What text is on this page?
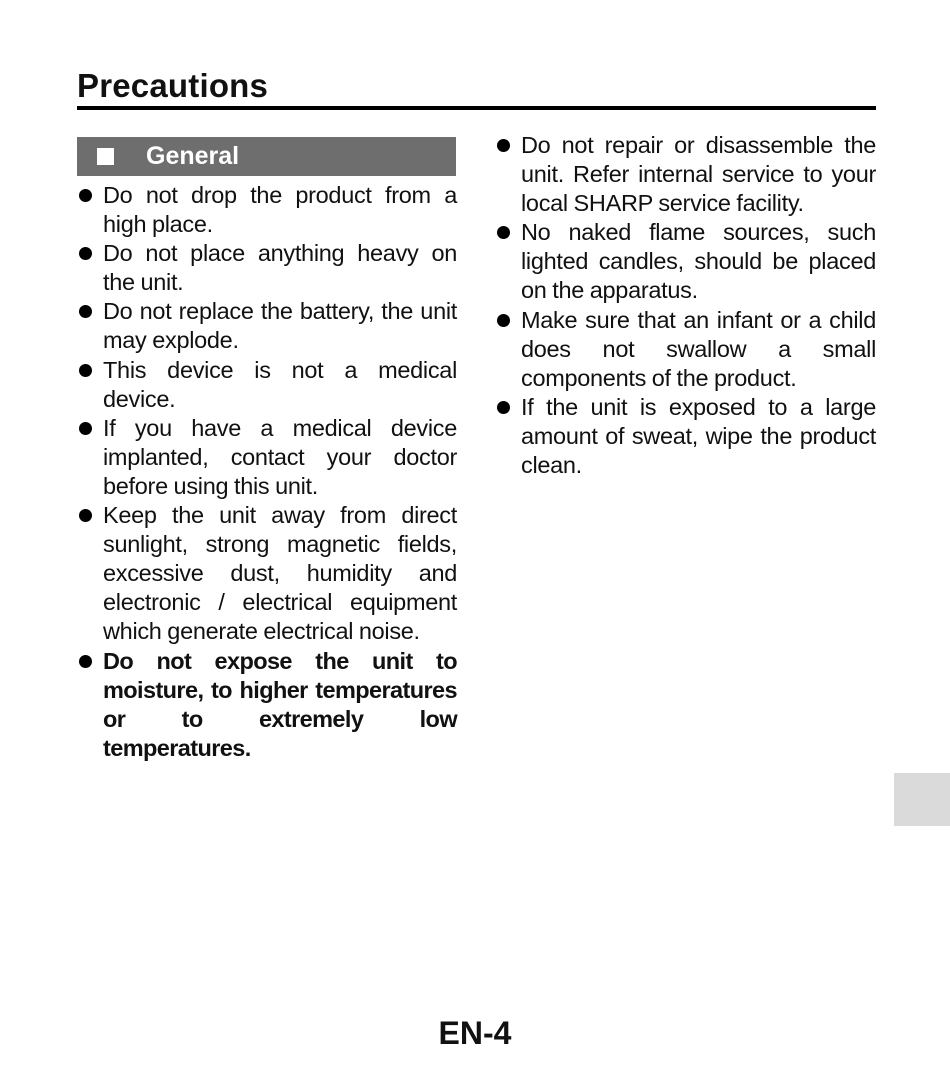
Precautions
General
Do not drop the product from a high place.
Do not place anything heavy on the unit.
Do not replace the battery, the unit may explode.
This device is not a medical device.
If you have a medical device implanted, contact your doctor before using this unit.
Keep the unit away from direct sunlight, strong magnetic fields, excessive dust, humidity and electronic / electrical equipment which generate electrical noise.
Do not expose the unit to moisture, to higher temperatures or to extremely low temperatures.
Do not repair or disassemble the unit. Refer internal service to your local SHARP service facility.
No naked flame sources, such lighted candles, should be placed on the apparatus.
Make sure that an infant or a child does not swallow a small components of the product.
If the unit is exposed to a large amount of sweat, wipe the product clean.
EN-4
